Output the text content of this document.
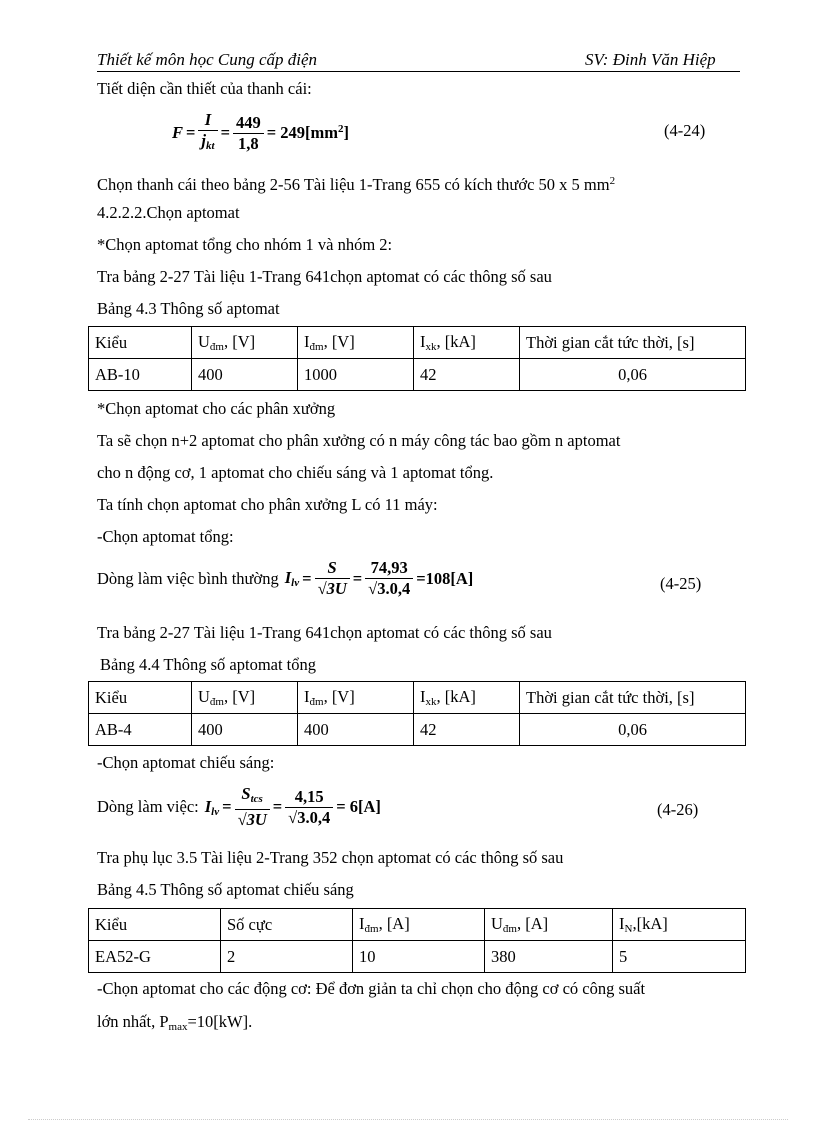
Thiết kế môn học Cung cấp điện	SV: Đinh Văn Hiệp
Tiết diện cần thiết của thanh cái:
$F = \frac{I}{j_{kt}} = \frac{449}{1,8} = 249[mm^2]$	(4-24)
Chọn thanh cái theo bảng 2-56 Tài liệu 1-Trang 655 có kích thước 50 x 5 $mm^2$
4.2.2.2.Chọn aptomat
*Chọn aptomat tổng cho nhóm 1 và nhóm 2:
Tra bảng 2-27 Tài liệu 1-Trang 641chọn aptomat có các thông số sau
Bảng 4.3 Thông số aptomat
Kiểu	$U_{đm}$, [V]	$I_{đm}$, [V]	$I_{xk}$, [kA]	Thời gian cắt tức thời, [s]
AB-10	400	1000	42	0,06
*Chọn aptomat cho các phân xưởng
Ta sẽ chọn n+2 aptomat cho phân xưởng có n máy công tác bao gồm n aptomat
cho n động cơ, 1 aptomat cho chiếu sáng và 1 aptomat tổng.
Ta tính chọn aptomat cho phân xưởng L có 11 máy:
-Chọn aptomat tổng:
Dòng làm việc bình thường $I_{lv} = \frac{S}{√3U} = \frac{74,93}{√3.0,4} =108[A]$	(4-25)
Tra bảng 2-27 Tài liệu 1-Trang 641chọn aptomat có các thông số sau
Bảng 4.4 Thông số aptomat tổng
Kiểu	$U_{đm}$, [V]	$I_{đm}$, [V]	$I_{xk}$, [kA]	Thời gian cắt tức thời, [s]
AB-4	400	400	42	0,06
-Chọn aptomat chiếu sáng:
Dòng làm việc: $I_{lv} = \frac{S_{tcs}}{√3U} = \frac{4,15}{√3.0,4} = 6[A]$	(4-26)
Tra phụ lục 3.5 Tài liệu 2-Trang 352 chọn aptomat có các thông số sau
Bảng 4.5 Thông số aptomat chiếu sáng
Kiểu	Số cực	$I_{đm}$, [A]	$U_{đm}$, [A]	$I_N,[kA]$
EA52-G	2	10	380	5
-Chọn aptomat cho các động cơ: Để đơn giản ta chỉ chọn cho động cơ có công suất
lớn nhất, $P_{max}=10[kW]$.
